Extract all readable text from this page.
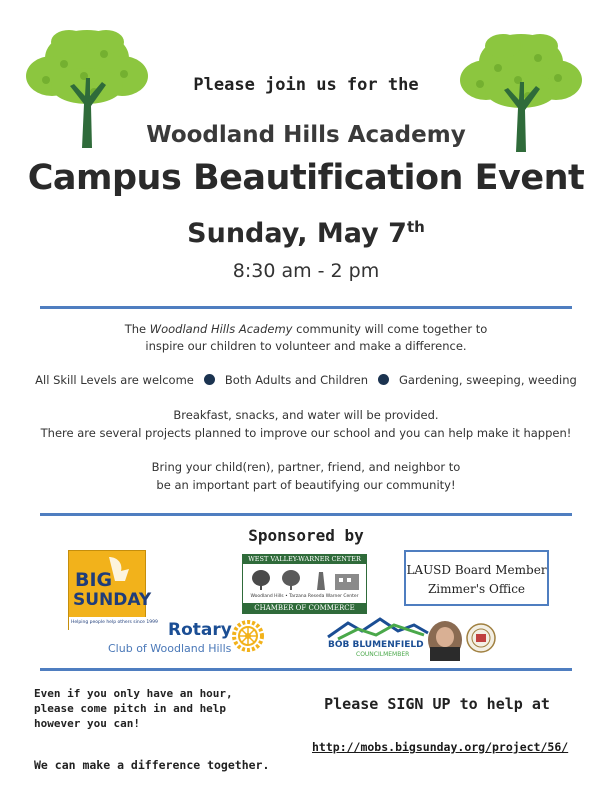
Please join us for the
Woodland Hills Academy
Campus Beautification Event
Sunday, May 7th
8:30 am - 2 pm
The Woodland Hills Academy community will come together to
inspire our children to volunteer and make a difference.
All Skill Levels are welcome	Both Adults and Children	Gardening, sweeping, weeding
Breakfast, snacks, and water will be provided.
There are several projects planned to improve our school and you can help make it happen!
Bring your child(ren), partner, friend, and neighbor to
be an important part of beautifying our community!
Sponsored by
BIG
SUNDAY
Helping people help others since 1999
WEST VALLEY-WARNER CENTER
Woodland Hills • Tarzana Reseda Warner Center
CHAMBER OF COMMERCE
LAUSD Board Member
Zimmer's Office
Rotary
Club of Woodland Hills	BOB BLUMENFIELD
COUNCILMEMBER
Even if you only have an hour,
please come pitch in and help
however you can!
We can make a difference together.
Please SIGN UP to help at
http://mobs.bigsunday.org/project/56/
